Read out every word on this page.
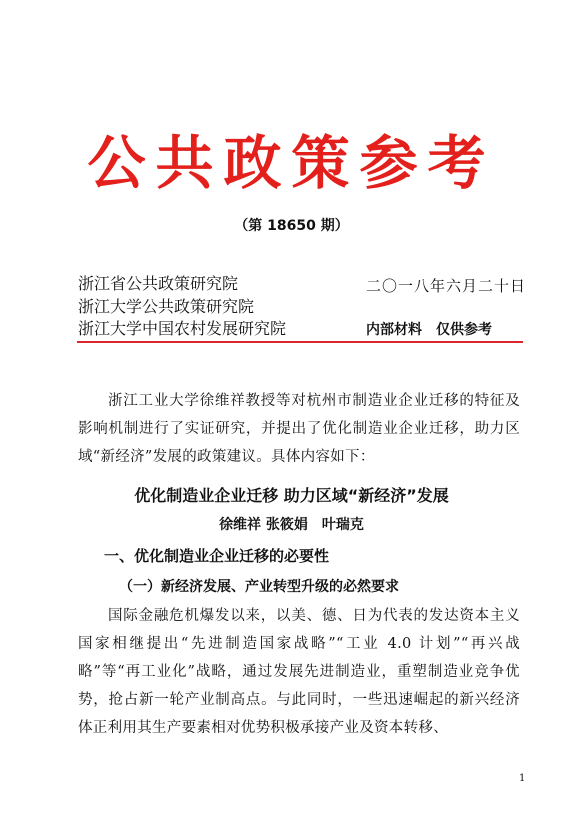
公共政策参考
（第 18650 期）
浙江省公共政策研究院
浙江大学公共政策研究院
浙江大学中国农村发展研究院
二〇一八年六月二十日
内部材料　仅供参考

浙江工业大学徐维祥教授等对杭州市制造业企业迁移的特征及影响机制进行了实证研究，并提出了优化制造业企业迁移，助力区域“新经济”发展的政策建议。具体内容如下：

优化制造业企业迁移 助力区域“新经济”发展
徐维祥 张筱娟　叶瑞克
一、优化制造业企业迁移的必要性
（一）新经济发展、产业转型升级的必然要求

国际金融危机爆发以来，以美、德、日为代表的发达资本主义国家相继提出“先进制造国家战略”“工业 4.0 计划”“再兴战略”等“再工业化”战略，通过发展先进制造业，重塑制造业竞争优势，抢占新一轮产业制高点。与此同时，一些迅速崛起的新兴经济体正利用其生产要素相对优势积极承接产业及资本转移、

1
